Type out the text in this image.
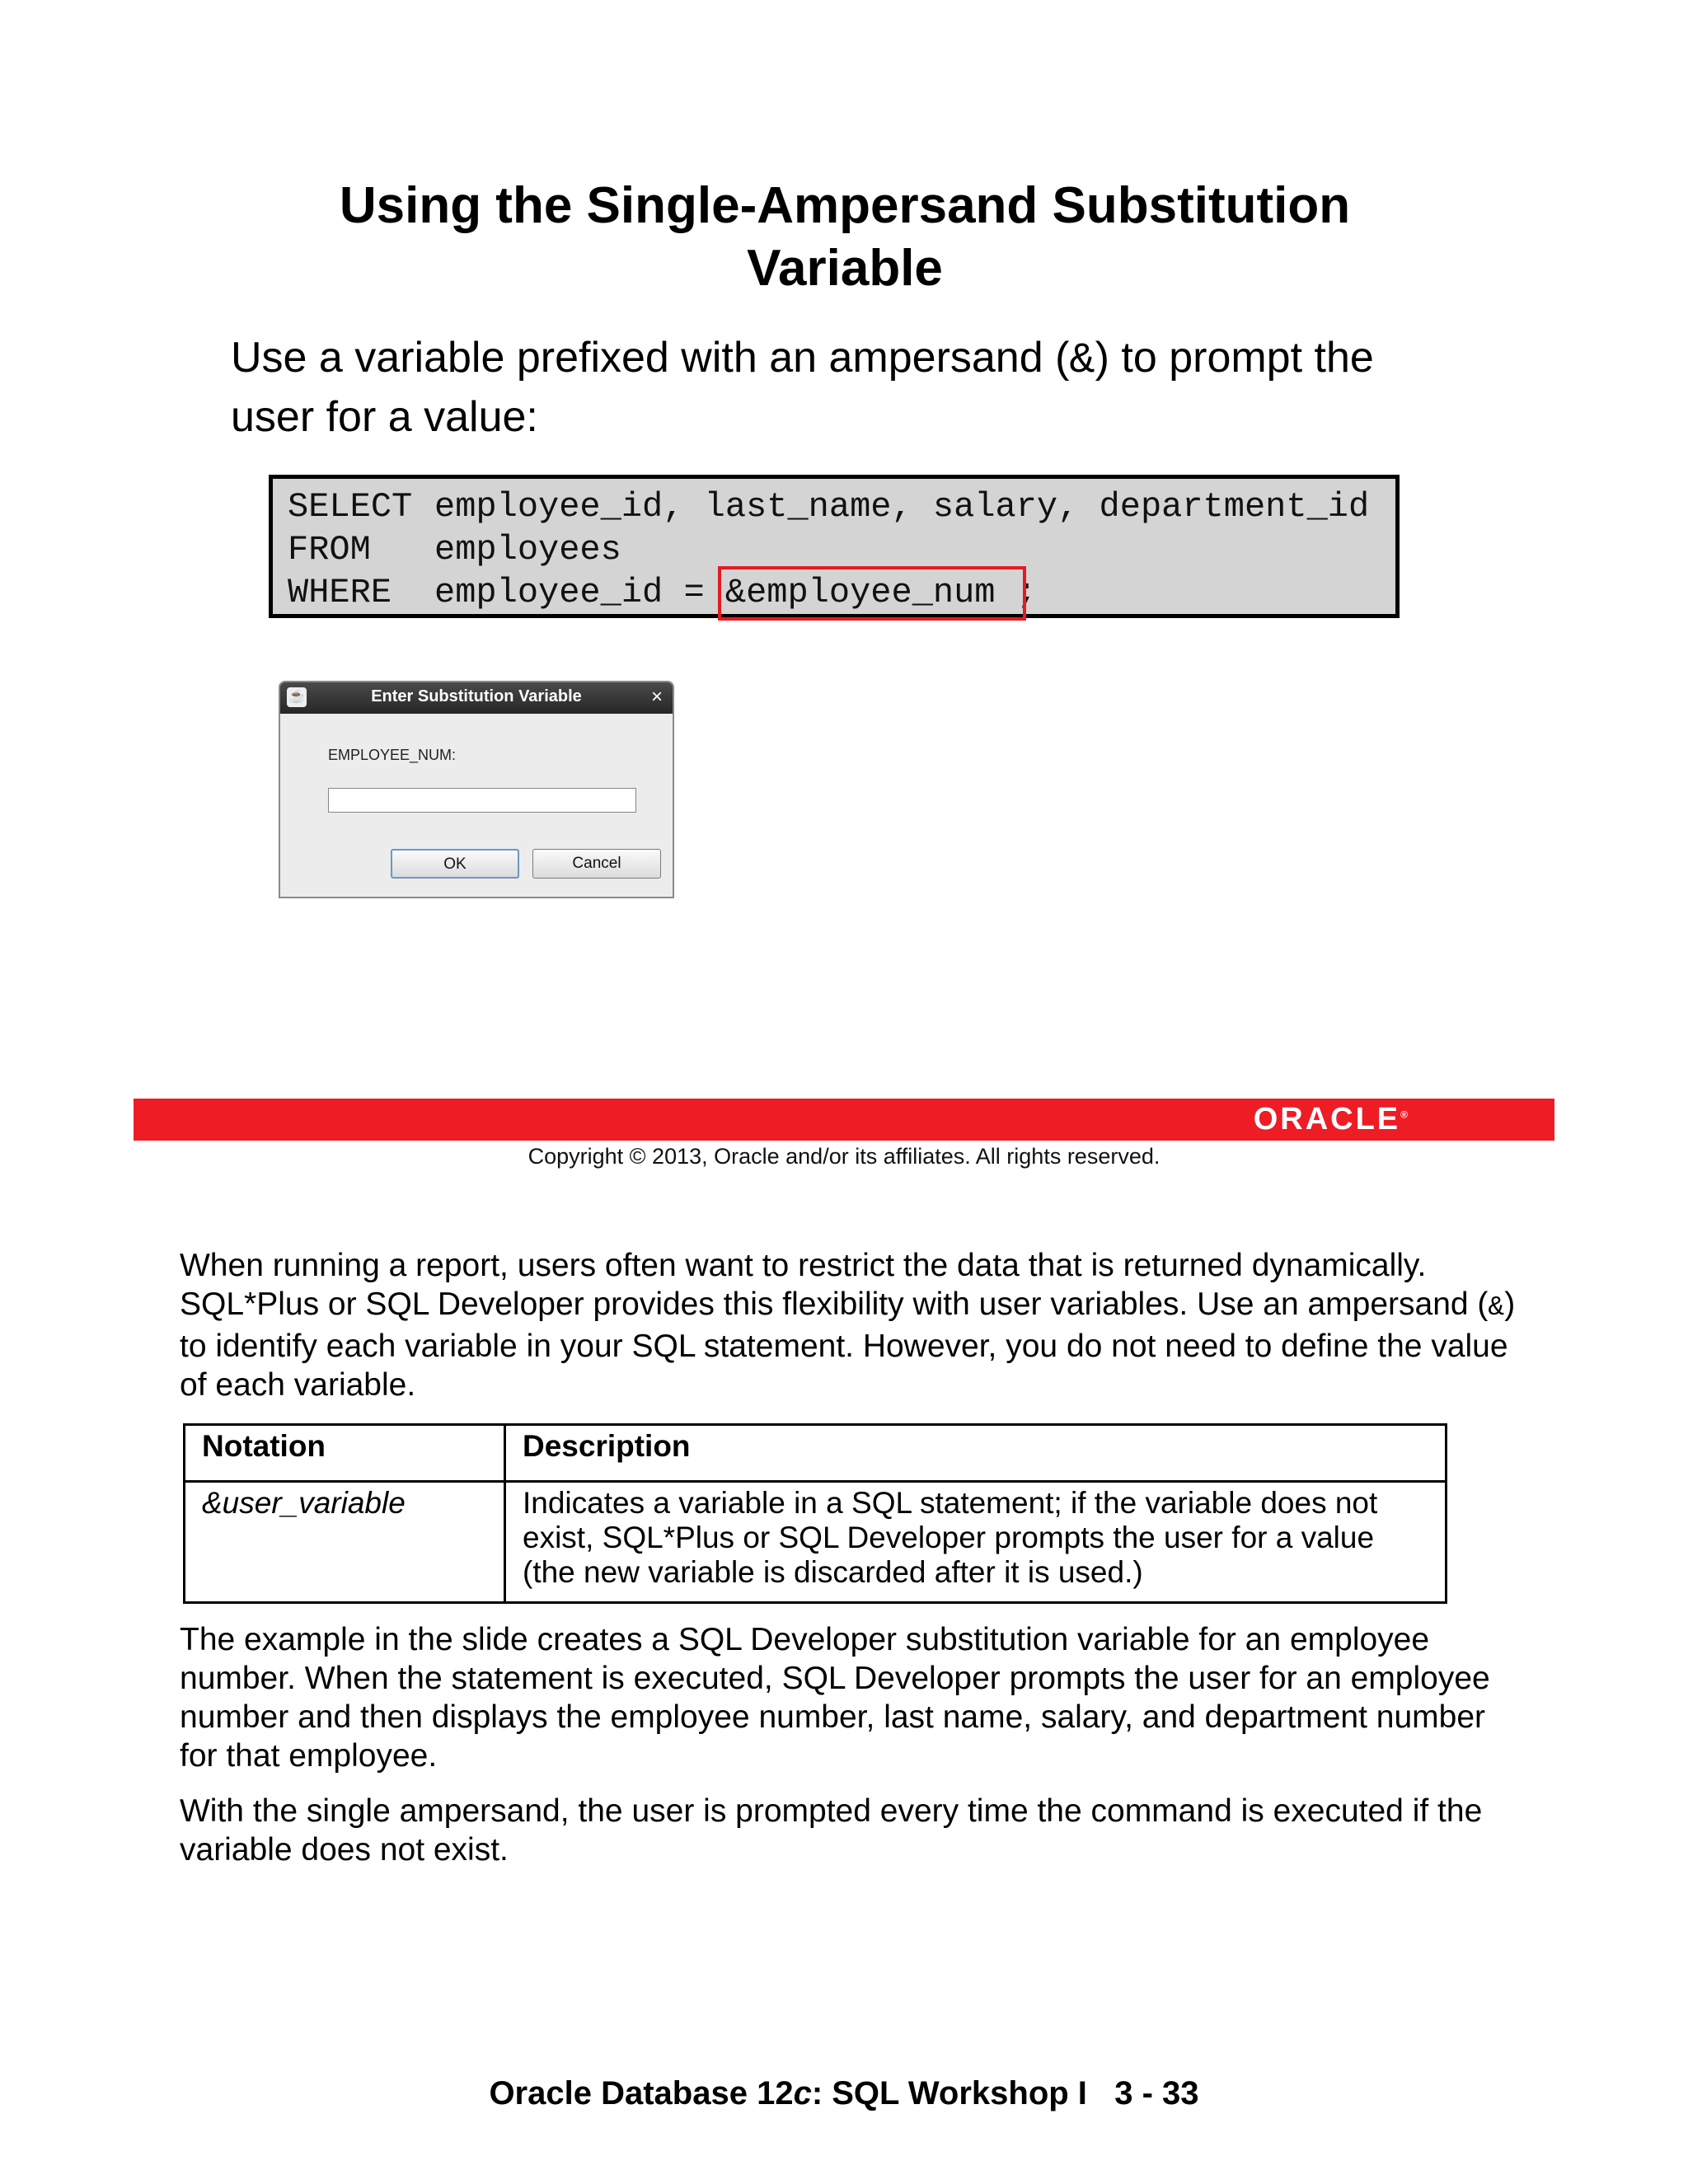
Using the Single-Ampersand Substitution
Variable
Use a variable prefixed with an ampersand (&) to prompt the user for a value:
SELECT employee_id, last_name, salary, department_id
FROM employees
WHERE employee_id = &employee_num ;
☕	Enter Substitution Variable	×
EMPLOYEE_NUM:
OK	Cancel
ORACLE®
Copyright © 2013, Oracle and/or its affiliates. All rights reserved.
When running a report, users often want to restrict the data that is returned dynamically. SQL*Plus or SQL Developer provides this flexibility with user variables. Use an ampersand (&) to identify each variable in your SQL statement. However, you do not need to define the value of each variable.
Notation	Description
&user_variable	Indicates a variable in a SQL statement; if the variable does not exist, SQL*Plus or SQL Developer prompts the user for a value (the new variable is discarded after it is used.)
The example in the slide creates a SQL Developer substitution variable for an employee number. When the statement is executed, SQL Developer prompts the user for an employee number and then displays the employee number, last name, salary, and department number for that employee.
With the single ampersand, the user is prompted every time the command is executed if the variable does not exist.
Oracle Database 12c: SQL Workshop I   3 - 33
